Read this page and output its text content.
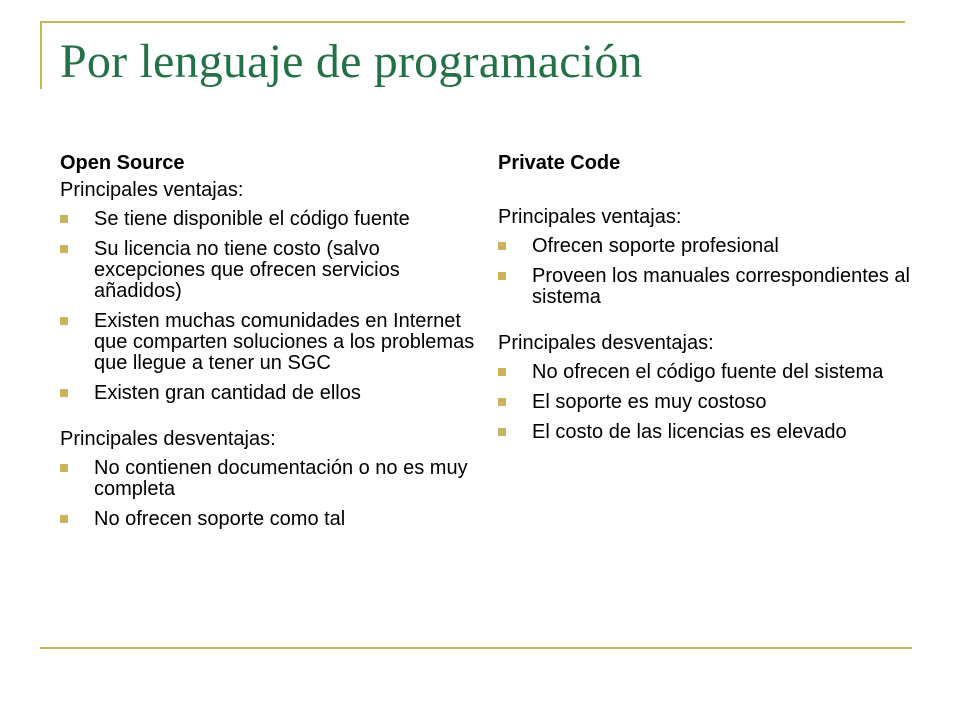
Por lenguaje de programación
Open Source
Principales ventajas:
Se tiene disponible el código fuente
Su licencia no tiene costo (salvo excepciones que ofrecen servicios añadidos)
Existen muchas comunidades en Internet que comparten soluciones a los problemas que llegue a tener un SGC
Existen gran cantidad de ellos
Principales desventajas:
No contienen documentación o no es muy completa
No ofrecen soporte como tal
Private Code
Principales ventajas:
Ofrecen soporte profesional
Proveen los manuales correspondientes al sistema
Principales desventajas:
No ofrecen el código fuente del sistema
El soporte es muy costoso
El costo de las licencias es elevado
